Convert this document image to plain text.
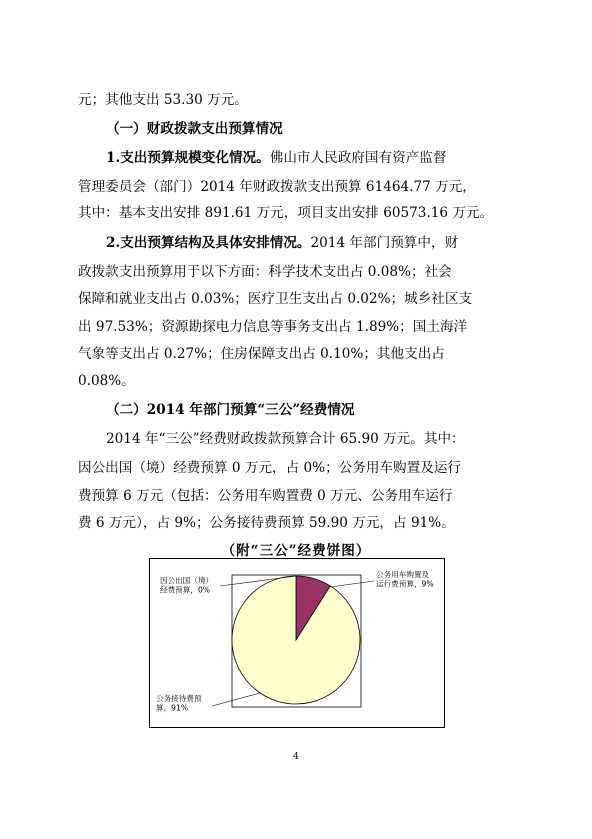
元；其他支出 53.30 万元。
（一）财政拨款支出预算情况
1.支出预算规模变化情况。佛山市人民政府国有资产监督
管理委员会（部门）2014 年财政拨款支出预算 61464.77 万元，
其中：基本支出安排 891.61 万元，项目支出安排 60573.16 万元。
2.支出预算结构及具体安排情况。2014 年部门预算中，财
政拨款支出预算用于以下方面：科学技术支出占 0.08%；社会
保障和就业支出占 0.03%；医疗卫生支出占 0.02%；城乡社区支
出 97.53%；资源勘探电力信息等事务支出占 1.89%；国土海洋
气象等支出占 0.27%；住房保障支出占 0.10%；其他支出占
0.08%。
（二）2014 年部门预算“三公”经费情况
2014 年“三公”经费财政拨款预算合计 65.90 万元。其中：
因公出国（境）经费预算 0 万元，占 0%；公务用车购置及运行
费预算 6 万元（包括：公务用车购置费 0 万元、公务用车运行
费 6 万元），占 9%；公务接待费预算 59.90 万元，占 91%。
（附“三公”经费饼图）
因公出国（境）经费预算，0%
公务用车购置及运行费预算，9%
公务接待费预算，91%
4
